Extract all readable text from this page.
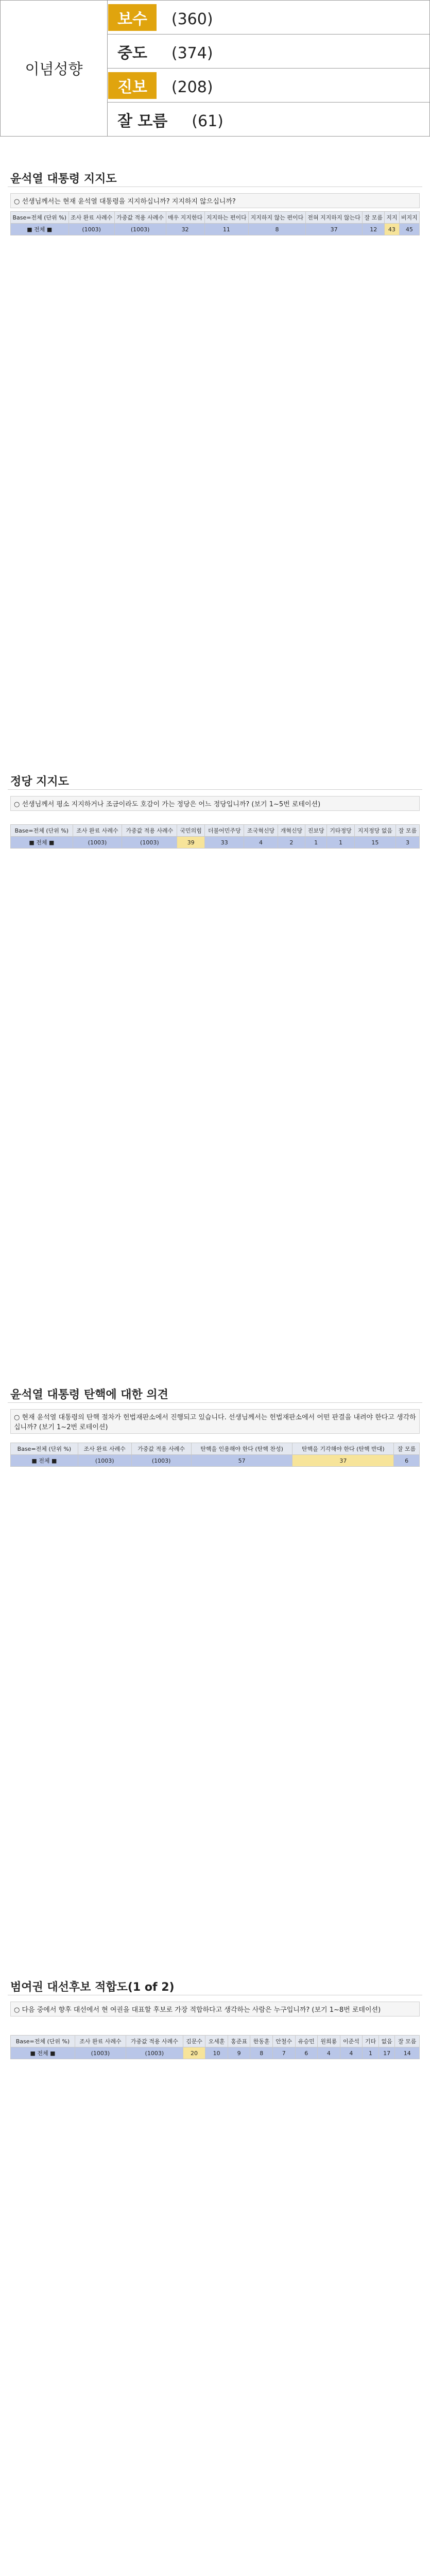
이념성향	보수 (360)
중도 (374)
진보 (208)
잘 모름 (61)
윤석열 대통령 지지도
○ 선생님께서는 현재 윤석열 대통령을 지지하십니까? 지지하지 않으십니까?
Base=전체 (단위 %)	조사 완료 사례수	가중값 적용 사례수	매우 지지한다	지지하는 편이다	지지하지 않는 편이다	전혀 지지하지 않는다	잘 모름	지지	비지지
■ 전체 ■	(1003)	(1003)	32	11	8	37	12	43	45
정당 지지도
○ 선생님께서 평소 지지하거나 조금이라도 호감이 가는 정당은 어느 정당입니까? (보기 1~5번 로테이션)
Base=전체 (단위 %)	조사 완료 사례수	가중값 적용 사례수	국민의힘	더불어민주당	조국혁신당	개혁신당	진보당	기타정당	지지정당 없음	잘 모름
■ 전체 ■	(1003)	(1003)	39	33	4	2	1	1	15	3
윤석열 대통령 탄핵에 대한 의견
○ 현재 윤석열 대통령의 탄핵 절차가 헌법재판소에서 진행되고 있습니다. 선생님께서는 헌법재판소에서 어떤 판결을 내려야 한다고 생각하십니까? (보기 1~2번 로테이션)
Base=전체 (단위 %)	조사 완료 사례수	가중값 적용 사례수	탄핵을 인용해야 한다 (탄핵 찬성)	탄핵을 기각해야 한다 (탄핵 반대)	잘 모름
■ 전체 ■	(1003)	(1003)	57	37	6
범여권 대선후보 적합도(1 of 2)
○ 다음 중에서 향후 대선에서 현 여권을 대표할 후보로 가장 적합하다고 생각하는 사람은 누구입니까? (보기 1~8번 로테이션)
Base=전체 (단위 %)	조사 완료 사례수	가중값 적용 사례수	김문수	오세훈	홍준표	한동훈	안철수	유승민	원희룡	이준석	기타	없음	잘 모름
■ 전체 ■	(1003)	(1003)	20	10	9	8	7	6	4	4	1	17	14
